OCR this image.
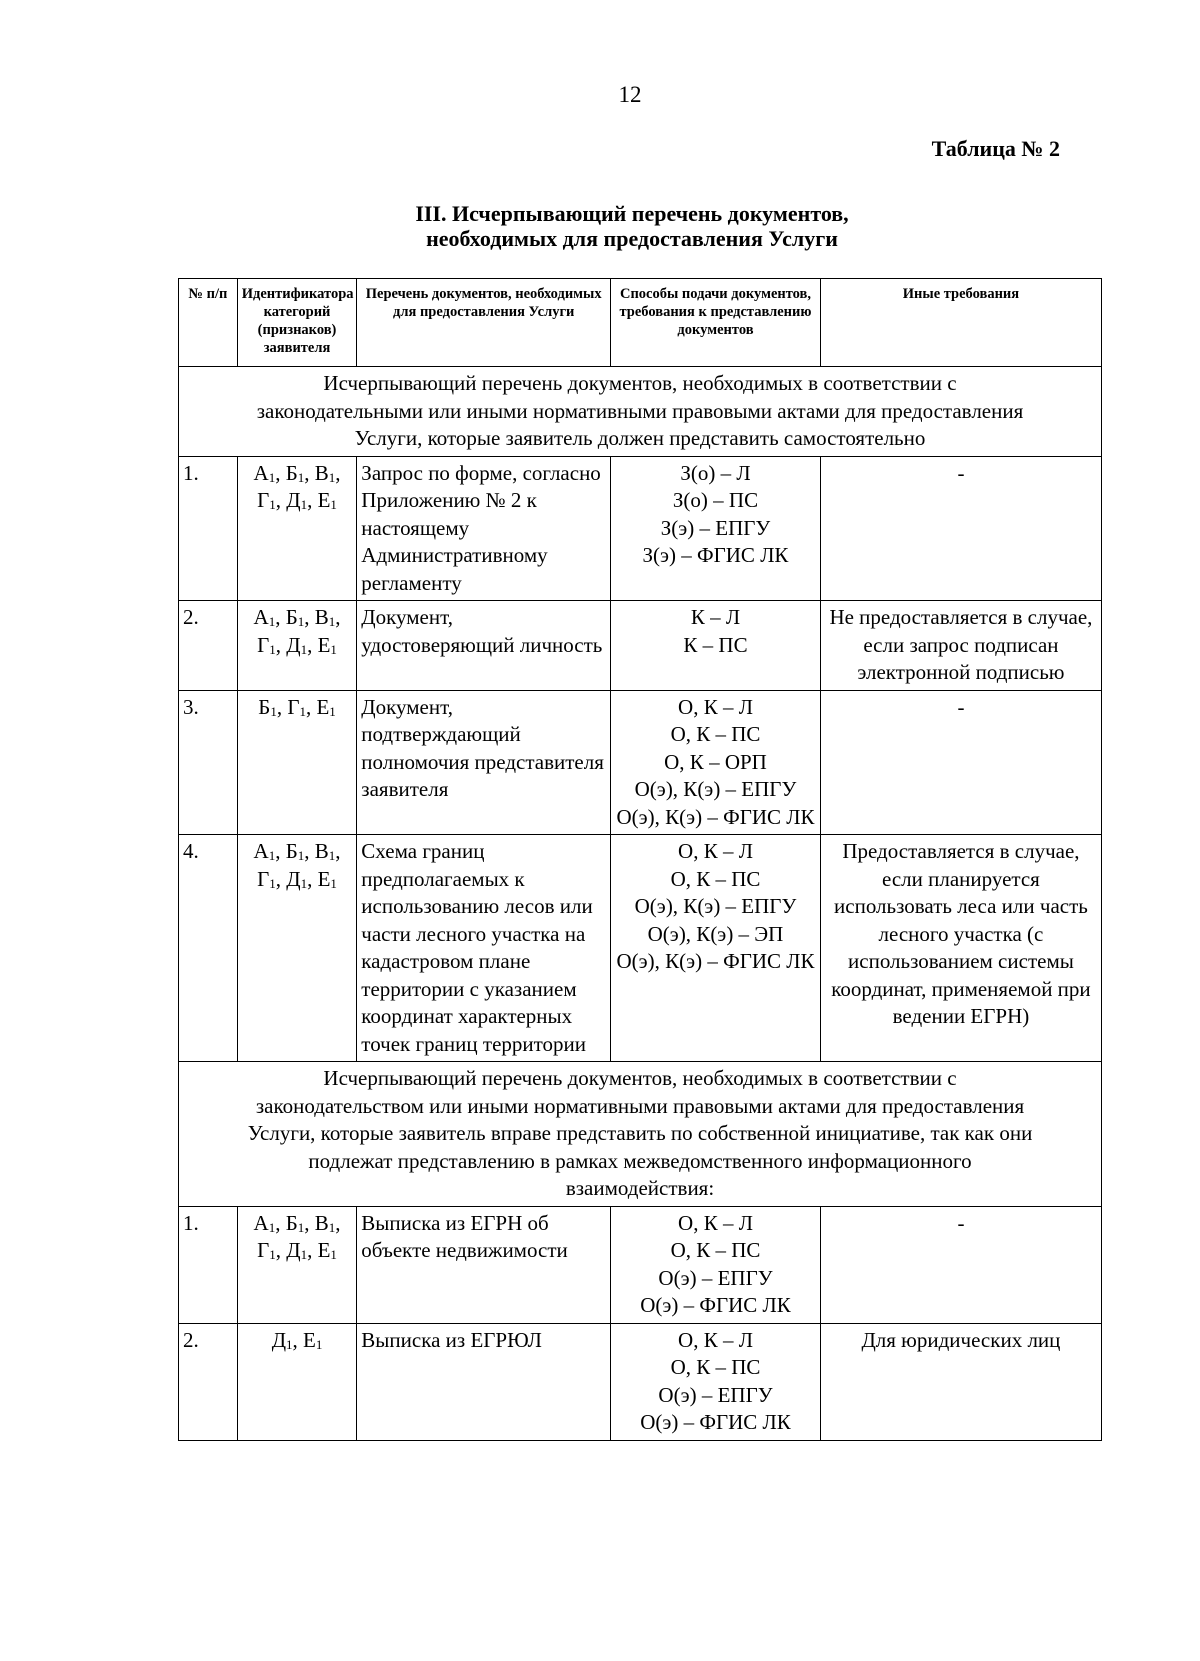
12
Таблица № 2
III. Исчерпывающий перечень документов,
необходимых для предоставления Услуги
№ п/п	Идентификатора категорий (признаков) заявителя	Перечень документов, необходимых для предоставления Услуги	Способы подачи документов, требования к представлению документов	Иные требования

Исчерпывающий перечень документов, необходимых в соответствии с
законодательными или иными нормативными правовыми актами для предоставления
Услуги, которые заявитель должен представить самостоятельно				

1.	$А_1$, $Б_1$, $В_1$,
$Г_1$, $Д_1$, $Е_1$	Запрос по форме, согласно Приложению № 2 к настоящему Административному регламенту	З(о) – Л
З(о) – ПС
З(э) – ЕПГУ
З(э) – ФГИС ЛК	-
2.	$А_1$, $Б_1$, $В_1$,
$Г_1$, $Д_1$, $Е_1$	Документ, удостоверяющий личность	К – Л
К – ПС	Не предоставляется в случае, если запрос подписан электронной подписью
3.	$Б_1$, $Г_1$, $Е_1$	Документ, подтверждающий полномочия представителя заявителя	О, К – Л
О, К – ПС
О, К – ОРП
О(э), К(э) – ЕПГУ
О(э), К(э) – ФГИС ЛК	-
4.	$А_1$, $Б_1$, $В_1$,
$Г_1$, $Д_1$, $Е_1$	Схема границ предполагаемых к использованию лесов или части лесного участка на кадастровом плане территории с указанием координат характерных точек границ территории	О, К – Л
О, К – ПС
О(э), К(э) – ЕПГУ
О(э), К(э) – ЭП
О(э), К(э) – ФГИС ЛК	Предоставляется в случае, если планируется использовать леса или часть лесного участка (с использованием системы координат, применяемой при ведении ЕГРН)

Исчерпывающий перечень документов, необходимых в соответствии с
законодательством или иными нормативными правовыми актами для предоставления
Услуги, которые заявитель вправе представить по собственной инициативе, так как они
подлежат представлению в рамках межведомственного информационного
взаимодействия:				

1.	$А_1$, $Б_1$, $В_1$,
$Г_1$, $Д_1$, $Е_1$	Выписка из ЕГРН об объекте недвижимости	О, К – Л
О, К – ПС
О(э) – ЕПГУ
О(э) – ФГИС ЛК	-
2.	$Д_1$, $Е_1$	Выписка из ЕГРЮЛ	О, К – Л
О, К – ПС
О(э) – ЕПГУ
О(э) – ФГИС ЛК	Для юридических лиц
